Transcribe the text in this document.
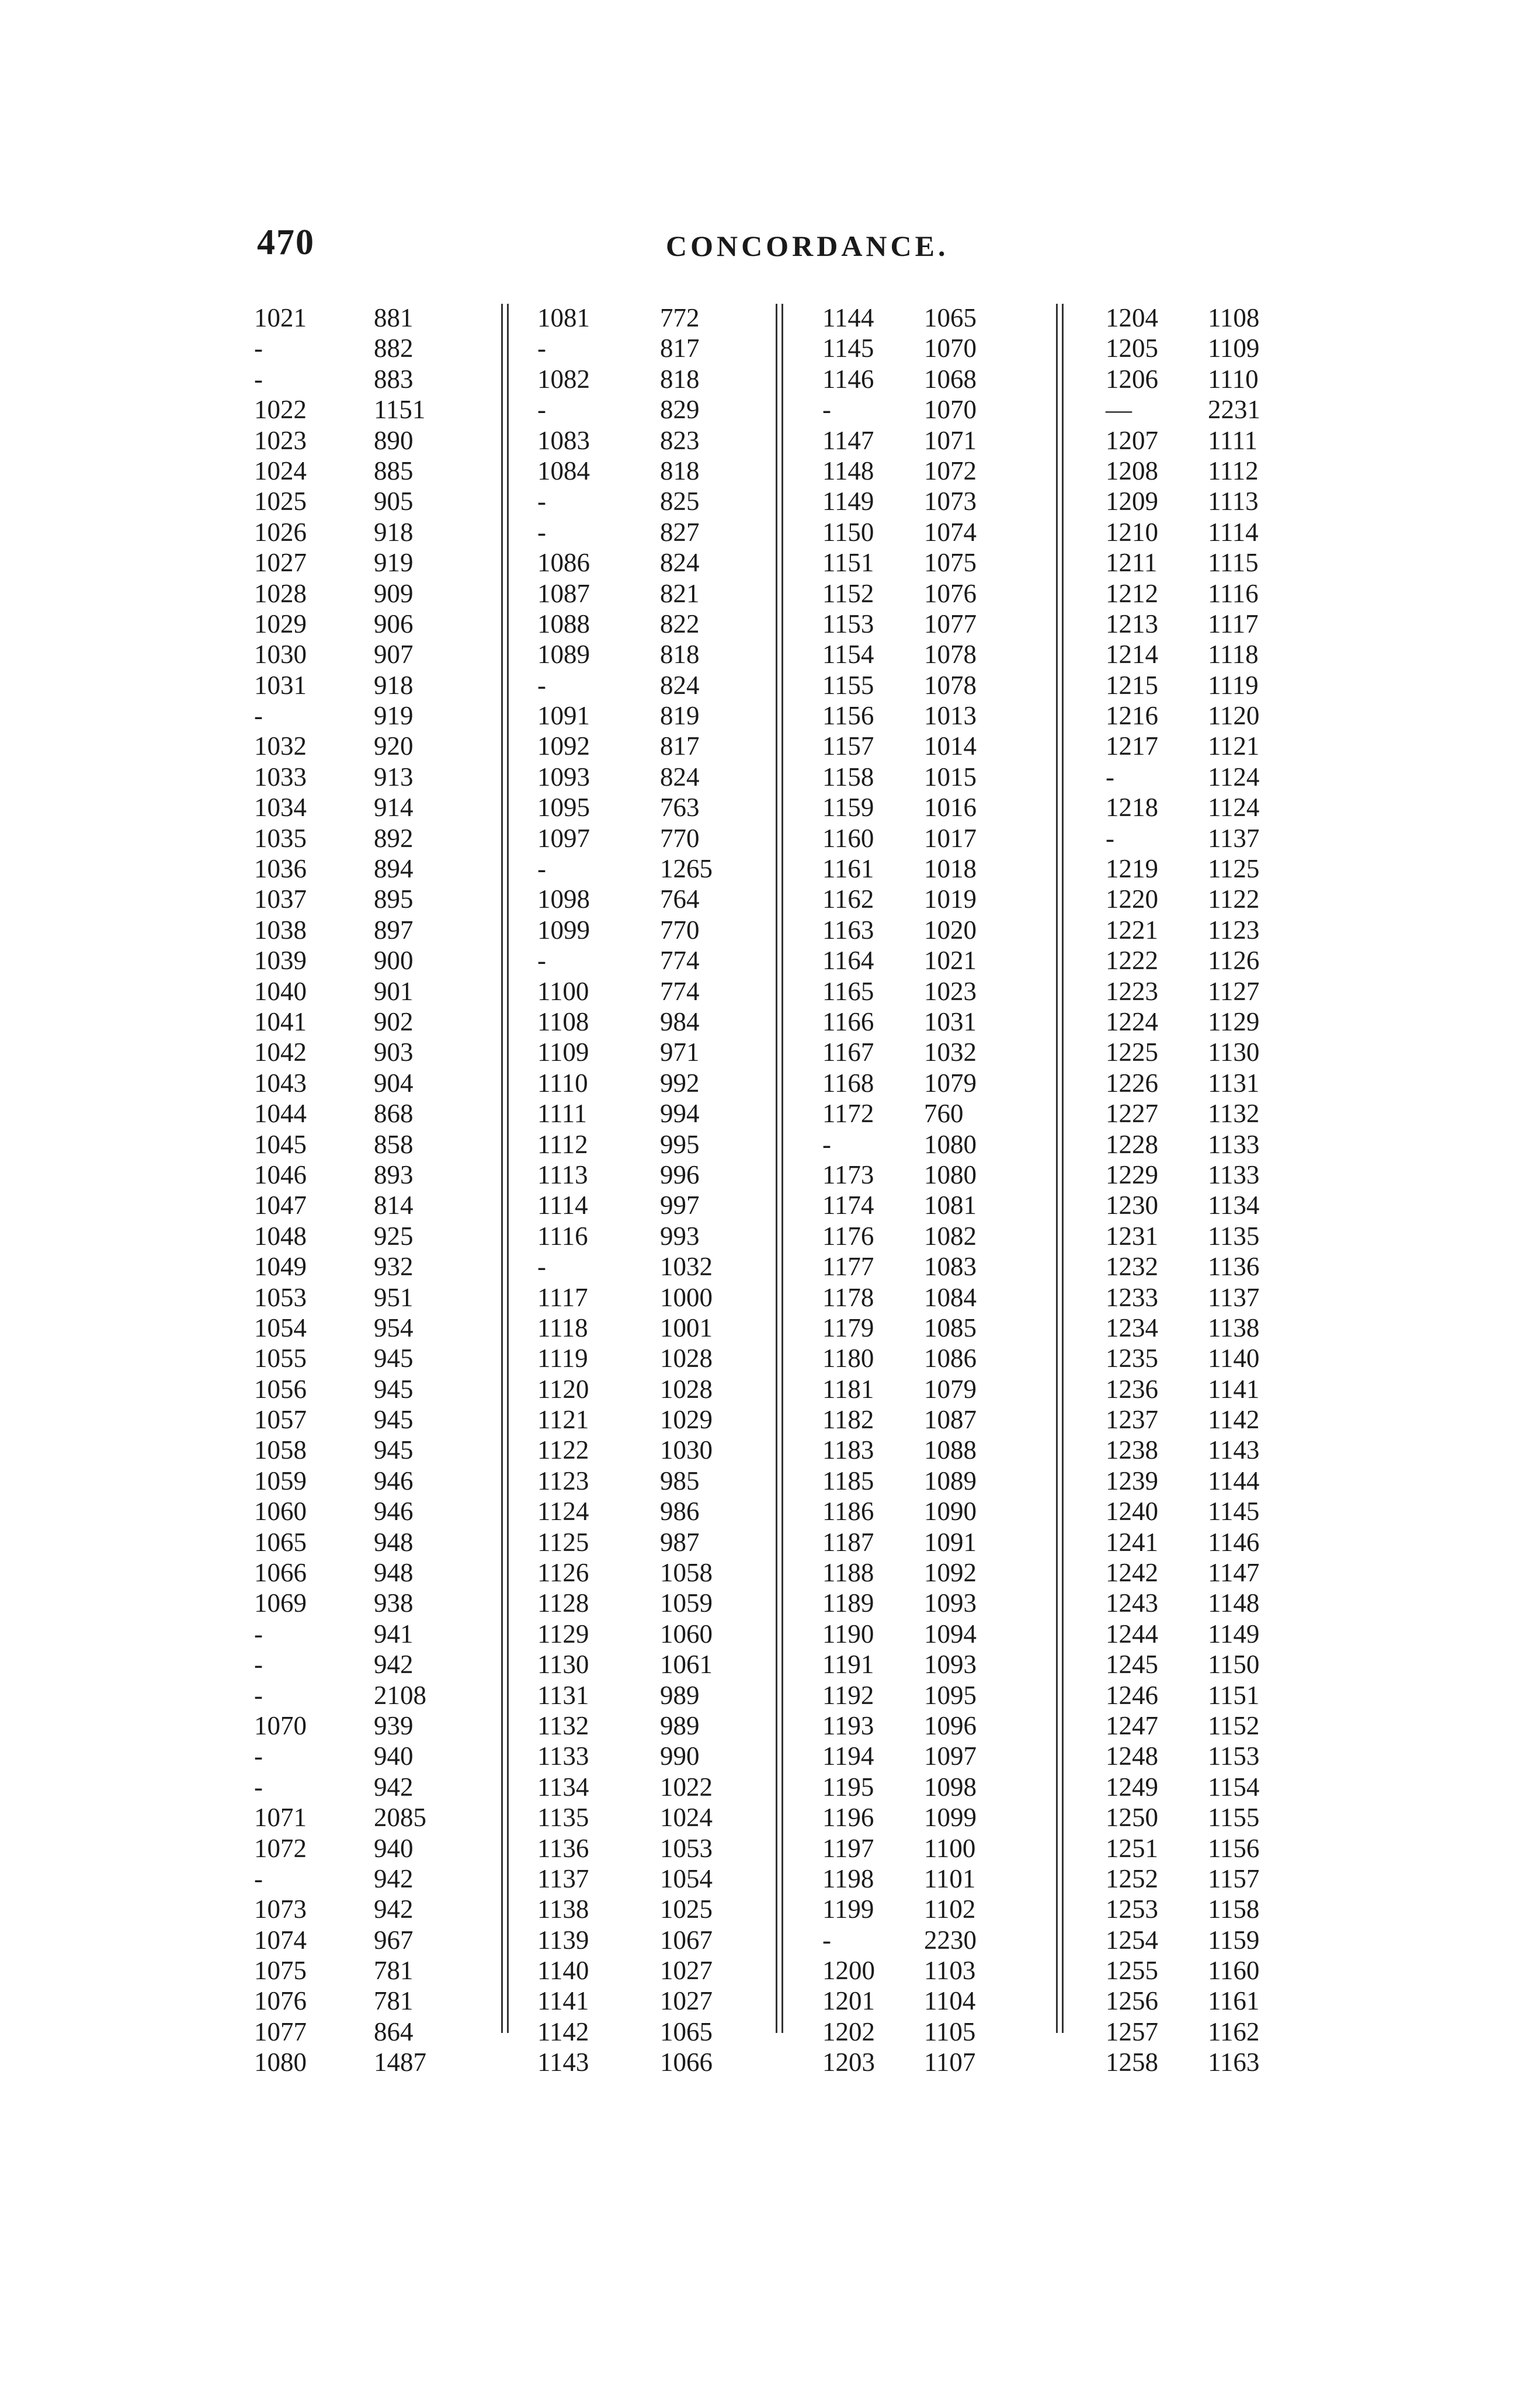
470	CONCORDANCE.
1021
-
-
1022
1023
1024
1025
1026
1027
1028
1029
1030
1031
-
1032
1033
1034
1035
1036
1037
1038
1039
1040
1041
1042
1043
1044
1045
1046
1047
1048
1049
1053
1054
1055
1056
1057
1058
1059
1060
1065
1066
1069
-
-
-
1070
-
-
1071
1072
-
1073
1074
1075
1076
1077
1080
881
882
883
1151
890
885
905
918
919
909
906
907
918
919
920
913
914
892
894
895
897
900
901
902
903
904
868
858
893
814
925
932
951
954
945
945
945
945
946
946
948
948
938
941
942
2108
939
940
942
2085
940
942
942
967
781
781
864
1487
1081
-
1082
-
1083
1084
-
-
1086
1087
1088
1089
-
1091
1092
1093
1095
1097
-
1098
1099
-
1100
1108
1109
1110
1111
1112
1113
1114
1116
-
1117
1118
1119
1120
1121
1122
1123
1124
1125
1126
1128
1129
1130
1131
1132
1133
1134
1135
1136
1137
1138
1139
1140
1141
1142
1143
772
817
818
829
823
818
825
827
824
821
822
818
824
819
817
824
763
770
1265
764
770
774
774
984
971
992
994
995
996
997
993
1032
1000
1001
1028
1028
1029
1030
985
986
987
1058
1059
1060
1061
989
989
990
1022
1024
1053
1054
1025
1067
1027
1027
1065
1066
1144
1145
1146
-
1147
1148
1149
1150
1151
1152
1153
1154
1155
1156
1157
1158
1159
1160
1161
1162
1163
1164
1165
1166
1167
1168
1172
-
1173
1174
1176
1177
1178
1179
1180
1181
1182
1183
1185
1186
1187
1188
1189
1190
1191
1192
1193
1194
1195
1196
1197
1198
1199
-
1200
1201
1202
1203
1065
1070
1068
1070
1071
1072
1073
1074
1075
1076
1077
1078
1078
1013
1014
1015
1016
1017
1018
1019
1020
1021
1023
1031
1032
1079
760
1080
1080
1081
1082
1083
1084
1085
1086
1079
1087
1088
1089
1090
1091
1092
1093
1094
1093
1095
1096
1097
1098
1099
1100
1101
1102
2230
1103
1104
1105
1107
1204
1205
1206
—
1207
1208
1209
1210
1211
1212
1213
1214
1215
1216
1217
-
1218
-
1219
1220
1221
1222
1223
1224
1225
1226
1227
1228
1229
1230
1231
1232
1233
1234
1235
1236
1237
1238
1239
1240
1241
1242
1243
1244
1245
1246
1247
1248
1249
1250
1251
1252
1253
1254
1255
1256
1257
1258
1108
1109
1110
2231
1111
1112
1113
1114
1115
1116
1117
1118
1119
1120
1121
1124
1124
1137
1125
1122
1123
1126
1127
1129
1130
1131
1132
1133
1133
1134
1135
1136
1137
1138
1140
1141
1142
1143
1144
1145
1146
1147
1148
1149
1150
1151
1152
1153
1154
1155
1156
1157
1158
1159
1160
1161
1162
1163
